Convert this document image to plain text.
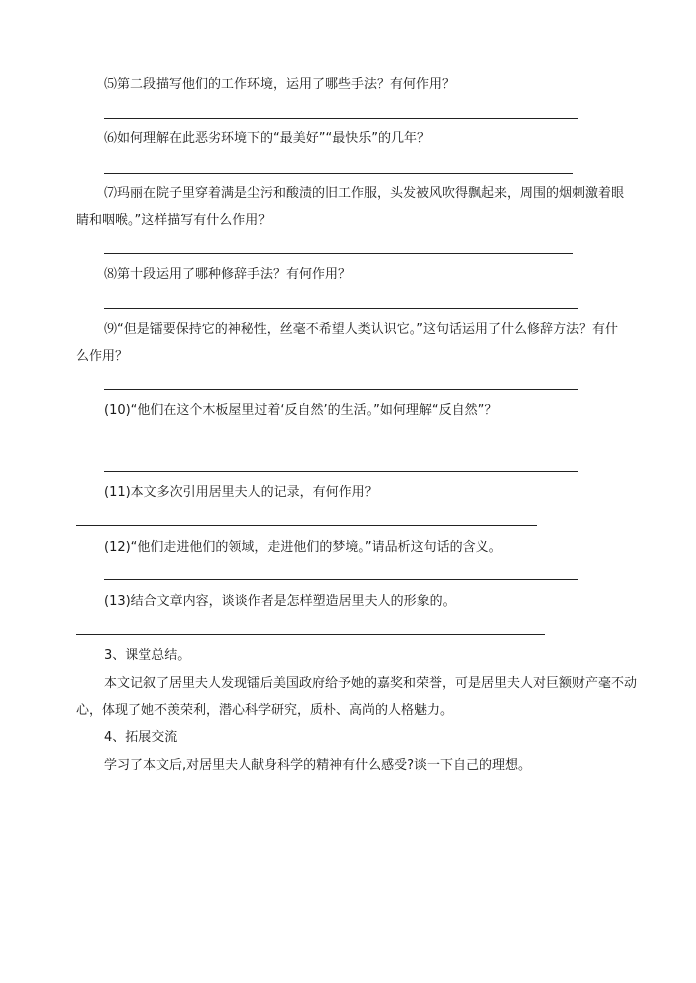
⑸第二段描写他们的工作环境，运用了哪些手法？有何作用？
⑹如何理解在此恶劣环境下的“最美好”“最快乐”的几年？
⑺玛丽在院子里穿着满是尘污和酸渍的旧工作服，头发被风吹得飘起来，周围的烟刺激着眼
睛和咽喉。”这样描写有什么作用？
⑻第十段运用了哪种修辞手法？有何作用？
⑼“但是镭要保持它的神秘性，丝毫不希望人类认识它。”这句话运用了什么修辞方法？有什
么作用？
(10)“他们在这个木板屋里过着‘反自然’的生活。”如何理解“反自然”？
(11)本文多次引用居里夫人的记录，有何作用？
(12)“他们走进他们的领域，走进他们的梦境。”请品析这句话的含义。
(13)结合文章内容，谈谈作者是怎样塑造居里夫人的形象的。
3、课堂总结。
本文记叙了居里夫人发现镭后美国政府给予她的嘉奖和荣誉，可是居里夫人对巨额财产毫不动
心，体现了她不羡荣利，潜心科学研究，质朴、高尚的人格魅力。
4、拓展交流
学习了本文后,对居里夫人献身科学的精神有什么感受?谈一下自己的理想。
